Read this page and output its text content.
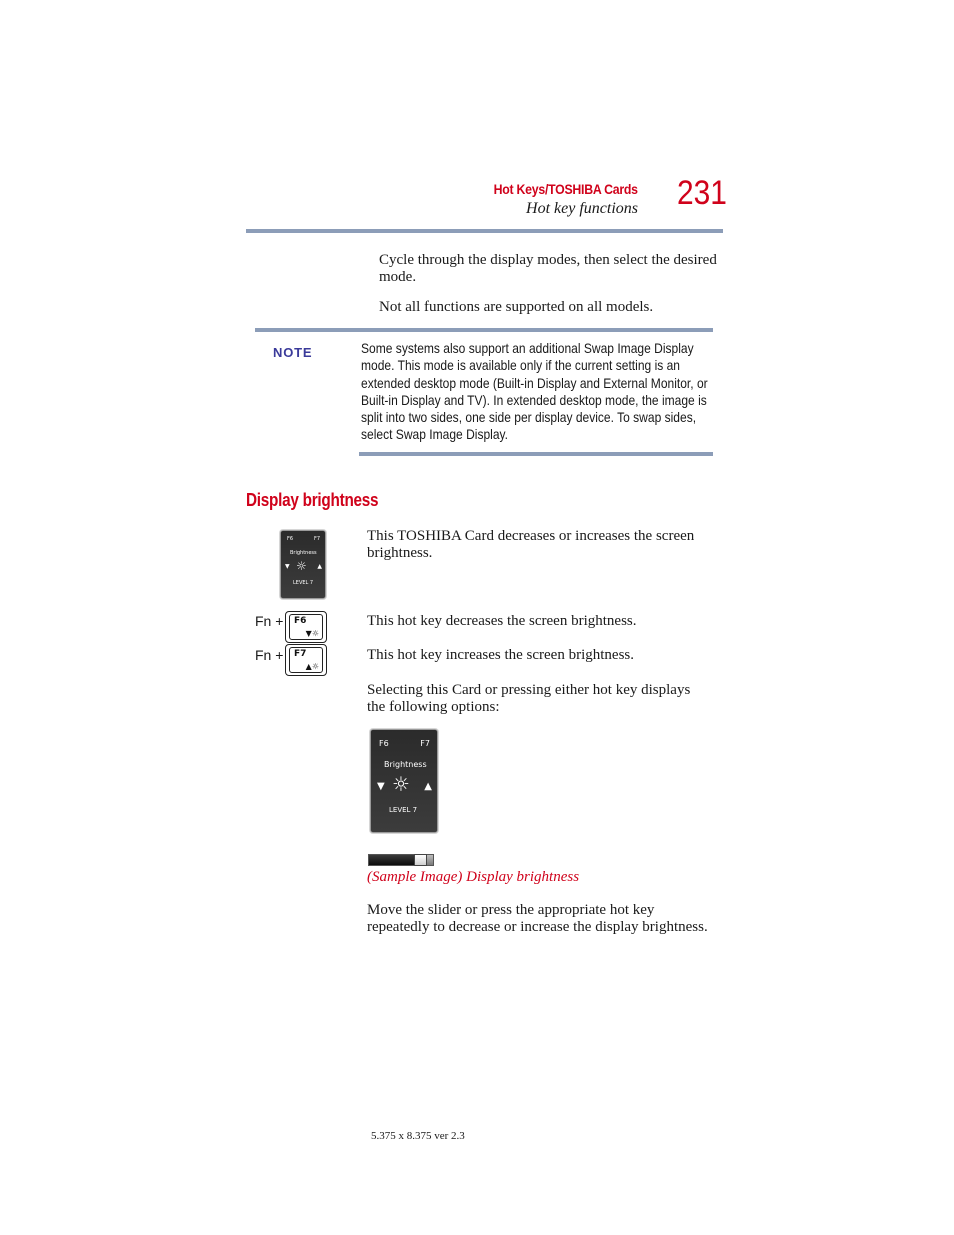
Hot Keys/TOSHIBA Cards
Hot key functions 231
Cycle through the display modes, then select the desired mode.
Not all functions are supported on all models.
NOTE	Some systems also support an additional Swap Image Display mode. This mode is available only if the current setting is an extended desktop mode (Built-in Display and External Monitor, or Built-in Display and TV). In extended desktop mode, the image is split into two sides, one side per display device. To swap sides, select Swap Image Display.
Display brightness
F6	F7
Brightness
▼ ☼ ▲
LEVEL 7
This TOSHIBA Card decreases or increases the screen brightness.
Fn + F6
▼☼
This hot key decreases the screen brightness.
Fn + F7
▲☼
This hot key increases the screen brightness.
Selecting this Card or pressing either hot key displays the following options:
F6	F7
Brightness
▼ ☼ ▲
LEVEL 7
(Sample Image) Display brightness
Move the slider or press the appropriate hot key repeatedly to decrease or increase the display brightness.
5.375 x 8.375 ver 2.3
